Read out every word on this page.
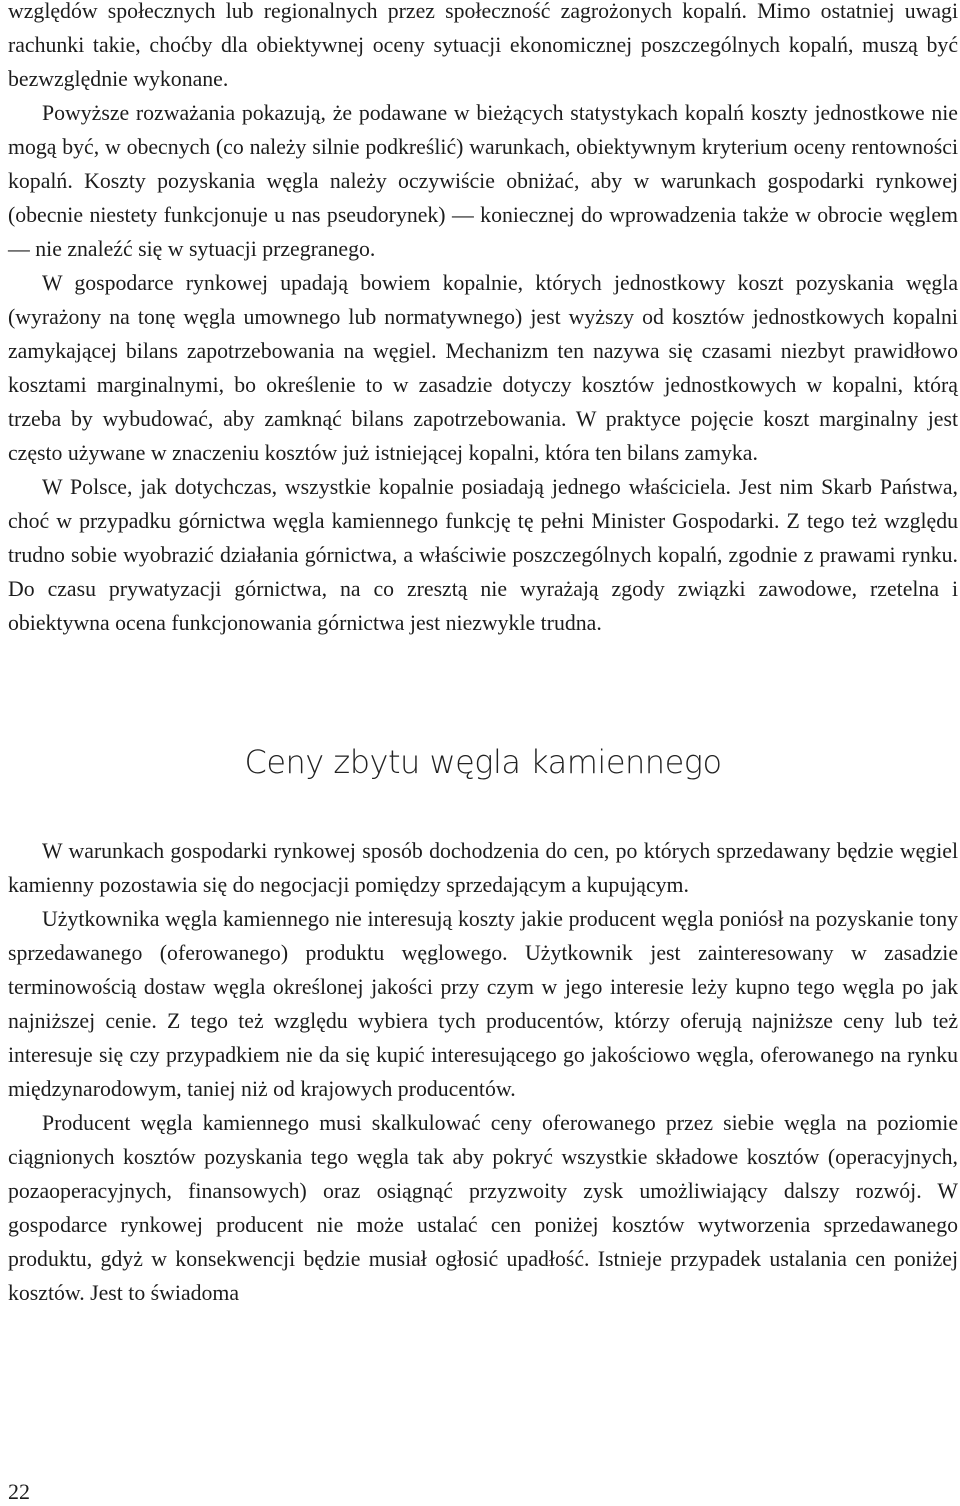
względów społecznych lub regionalnych przez społeczność zagrożonych kopalń. Mimo ostatniej uwagi rachunki takie, choćby dla obiektywnej oceny sytuacji ekonomicznej poszczególnych kopalń, muszą być bezwzględnie wykonane.

Powyższe rozważania pokazują, że podawane w bieżących statystykach kopalń koszty jednostkowe nie mogą być, w obecnych (co należy silnie podkreślić) warunkach, obiektywnym kryterium oceny rentowności kopalń. Koszty pozyskania węgla należy oczywiście obniżać, aby w warunkach gospodarki rynkowej (obecnie niestety funkcjonuje u nas pseudorynek) — koniecznej do wprowadzenia także w obrocie węglem — nie znaleźć się w sytuacji przegranego.

W gospodarce rynkowej upadają bowiem kopalnie, których jednostkowy koszt pozyskania węgla (wyrażony na tonę węgla umownego lub normatywnego) jest wyższy od kosztów jednostkowych kopalni zamykającej bilans zapotrzebowania na węgiel. Mechanizm ten nazywa się czasami niezbyt prawidłowo kosztami marginalnymi, bo określenie to w zasadzie dotyczy kosztów jednostkowych w kopalni, którą trzeba by wybudować, aby zamknąć bilans zapotrzebowania. W praktyce pojęcie koszt marginalny jest często używane w znaczeniu kosztów już istniejącej kopalni, która ten bilans zamyka.

W Polsce, jak dotychczas, wszystkie kopalnie posiadają jednego właściciela. Jest nim Skarb Państwa, choć w przypadku górnictwa węgla kamiennego funkcję tę pełni Minister Gospodarki. Z tego też względu trudno sobie wyobrazić działania górnictwa, a właściwie poszczególnych kopalń, zgodnie z prawami rynku. Do czasu prywatyzacji górnictwa, na co zresztą nie wyrażają zgody związki zawodowe, rzetelna i obiektywna ocena funkcjonowania górnictwa jest niezwykle trudna.

Ceny zbytu węgla kamiennego

W warunkach gospodarki rynkowej sposób dochodzenia do cen, po których sprzedawany będzie węgiel kamienny pozostawia się do negocjacji pomiędzy sprzedającym a kupującym.

Użytkownika węgla kamiennego nie interesują koszty jakie producent węgla poniósł na pozyskanie tony sprzedawanego (oferowanego) produktu węglowego. Użytkownik jest zainteresowany w zasadzie terminowością dostaw węgla określonej jakości przy czym w jego interesie leży kupno tego węgla po jak najniższej cenie. Z tego też względu wybiera tych producentów, którzy oferują najniższe ceny lub też interesuje się czy przypadkiem nie da się kupić interesującego go jakościowo węgla, oferowanego na rynku międzynarodowym, taniej niż od krajowych producentów.

Producent węgla kamiennego musi skalkulować ceny oferowanego przez siebie węgla na poziomie ciągnionych kosztów pozyskania tego węgla tak aby pokryć wszystkie składowe kosztów (operacyjnych, pozaoperacyjnych, finansowych) oraz osiągnąć przyzwoity zysk umożliwiający dalszy rozwój. W gospodarce rynkowej producent nie może ustalać cen poniżej kosztów wytworzenia sprzedawanego produktu, gdyż w konsekwencji będzie musiał ogłosić upadłość. Istnieje przypadek ustalania cen poniżej kosztów. Jest to świadoma

22
